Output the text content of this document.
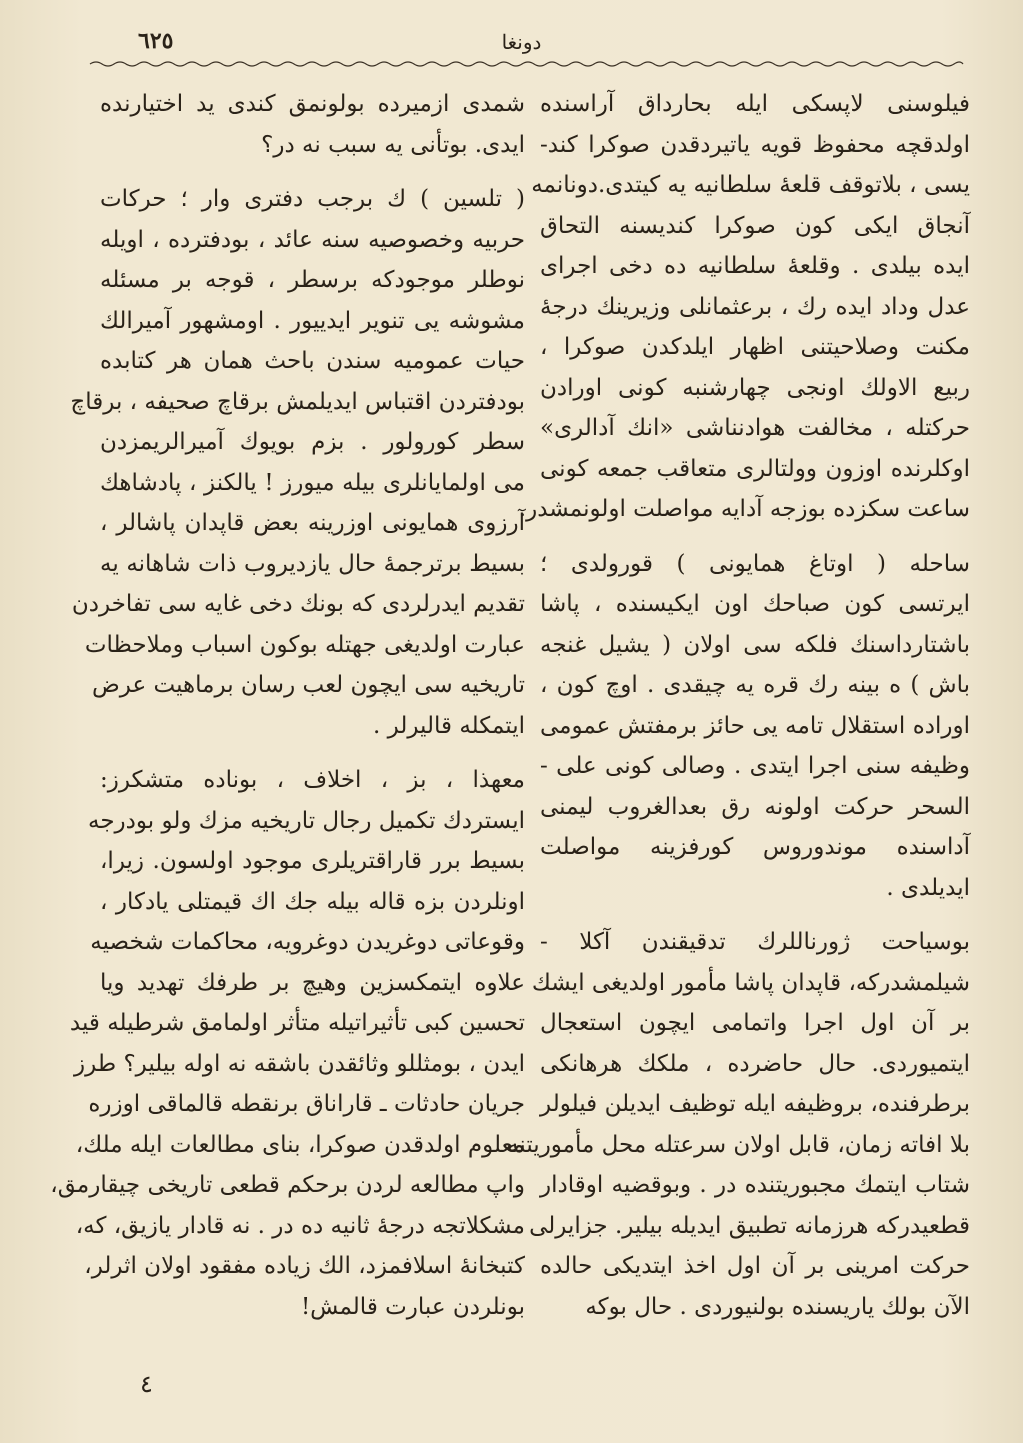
٦٢٥	دونغا

فیلوسنی لاپسکی ایله بحارداق آراسنده
اولدقچه محفوظ قویه یاتیردقدن صوکرا کند-
یسی ، بلاتوقف قلعهٔ سلطانیه یه کیتدی.دونانمه
آنجاق ایکی کون صوکرا کندیسنه التحاق
ایده بیلدی . وقلعهٔ سلطانیه ده دخی اجرای
عدل وداد ایده رك ، برعثمانلی وزیرینك درجهٔ
مکنت وصلاحیتنی اظهار ایلدکدن صوکرا ،
ربیع الاولك اونجی چهارشنبه کونی اورادن
حرکتله ، مخالفت هوادنناشی «انك آدالری»
اوکلرنده اوزون وولتالری متعاقب جمعه کونی
ساعت سکزده بوزجه آدایه مواصلت اولونمشدر.

ساحله ( اوتاغ همایونی ) قورولدی ؛
ایرتسی کون صباحك اون ایکیسنده ، پاشا
باشتارداسنك فلکه سی اولان ( یشیل غنجه
باش ) ه بینه رك قره یه چیقدی . اوچ کون ،
اوراده استقلال تامه یی حائز برمفتش عمومی
وظیفه سنی اجرا ایتدی . وصالی کونی علی -
السحر حرکت اولونه رق بعدالغروب لیمنی
آداسنده موندوروس کورفزینه مواصلت
ایدیلدی .

بوسیاحت ژورناللرك تدقیقندن آکلا -
شیلمشدرکه، قاپدان پاشا مأمور اولدیغی ایشك
بر آن اول اجرا واتمامی ایچون استعجال
ایتمیوردی. حال حاضرده ، ملکك هرهانکی
برطرفنده، بروظیفه ایله توظیف ایدیلن فیلولر
بلا افاته زمان، قابل اولان سرعتله محل مأموریتنه
شتاب ایتمك مجبوریتنده در . وبوقضیه اوقادار
قطعیدرکه هرزمانه تطبیق ایدیله بیلیر. جزایرلی
حرکت امرینی بر آن اول اخذ ایتدیکی حالده
الآن بولك یاریسنده بولنیوردی . حال بوکه

شمدی ازمیرده بولونمق کندی ید اختیارنده
ایدی. بوتأنی یه سبب نه در؟

( تلسین ) ك برجب دفتری وار ؛ حرکات
حربیه وخصوصیه سنه عائد ، بودفترده ، اویله
نوطلر موجودکه برسطر ، قوجه بر مسئله
مشوشه یی تنویر ایدییور . اومشهور آمیرالك
حیات عمومیه سندن باحث همان هر کتابده
بودفتردن اقتباس ایدیلمش برقاچ صحیفه ، برقاچ
سطر کورولور . بزم بویوك آمیرالریمزدن
می اولمایانلری بیله میورز ! یالکنز ، پادشاهك
آرزوی همایونی اوزرینه بعض قاپدان پاشالر ،
بسیط برترجمهٔ حال یازدیروب ذات شاهانه یه
تقدیم ایدرلردی که بونك دخی غایه سی تفاخردن
عبارت اولدیغی جهتله بوکون اسباب وملاحظات
تاریخیه سی ایچون لعب رسان برماهیت عرض
ایتمکله قالیرلر .

معهذا ، بز ، اخلاف ، بوناده متشکرز:
ایستردك تکمیل رجال تاریخیه مزك ولو بودرجه
بسیط برر قاراقتریلری موجود اولسون. زیرا،
اونلردن بزه قاله بیله جك اك قیمتلی یادکار ،
وقوعاتی دوغریدن دوغرویه، محاکمات شخصیه
علاوه ایتمکسزین وهیچ بر طرفك تهدید ویا
تحسین کبی تأثیراتیله متأثر اولمامق شرطیله قید
ایدن ، بومثللو وثائقدن باشقه نه اوله بیلیر؟ طرز
جریان حادثات ـ قاراناق برنقطه قالماقی اوزره
معلوم اولدقدن صوکرا، بنای مطالعات ایله ملك،
واپ مطالعه لردن برحکم قطعی تاریخی چیقارمق،
مشکلاتجه درجهٔ ثانیه ده در . نه قادار یازیق، که،
کتبخانهٔ اسلافمزد، الك زیاده مفقود اولان اثرلر،
بونلردن عبارت قالمش!

٤
